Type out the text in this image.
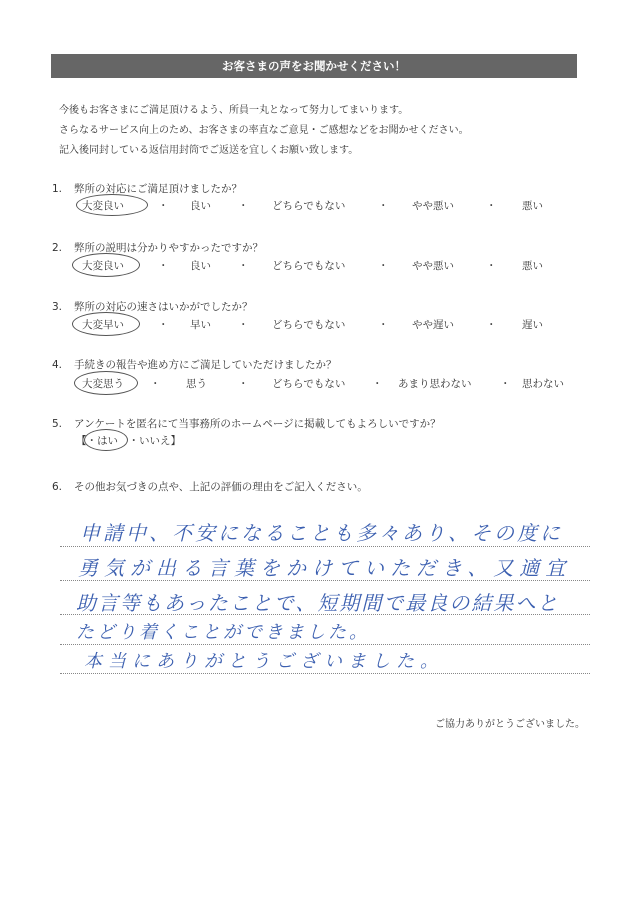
お客さまの声をお聞かせください！
今後もお客さまにご満足頂けるよう、所員一丸となって努力してまいります。
さらなるサービス向上のため、お客さまの率直なご意見・ご感想などをお聞かせください。
記入後同封している返信用封筒でご返送を宜しくお願い致します。
1. 弊所の対応にご満足頂けましたか？
大変良い	・ 良い	・ どちらでもない	・ やや悪い	・ 悪い
2. 弊所の説明は分かりやすかったですか？
大変良い	・ 良い	・ どちらでもない	・ やや悪い	・ 悪い
3. 弊所の対応の速さはいかがでしたか？
大変早い	・ 早い	・ どちらでもない	・ やや遅い	・ 遅い
4. 手続きの報告や進め方にご満足していただけましたか？
大変思う ・ 思う	・ どちらでもない	・ あまり思わない	・ 思わない
5. アンケートを匿名にて当事務所のホームページに掲載してもよろしいですか？
【・はい　・いいえ】
6. その他お気づきの点や、上記の評価の理由をご記入ください。
申請中、不安になることも多々あり、その度に
勇気が出る言葉をかけていただき、又適宜
助言等もあったことで、短期間で最良の結果へと
たどり着くことができました。
本当にありがとうございました。
ご協力ありがとうございました。
